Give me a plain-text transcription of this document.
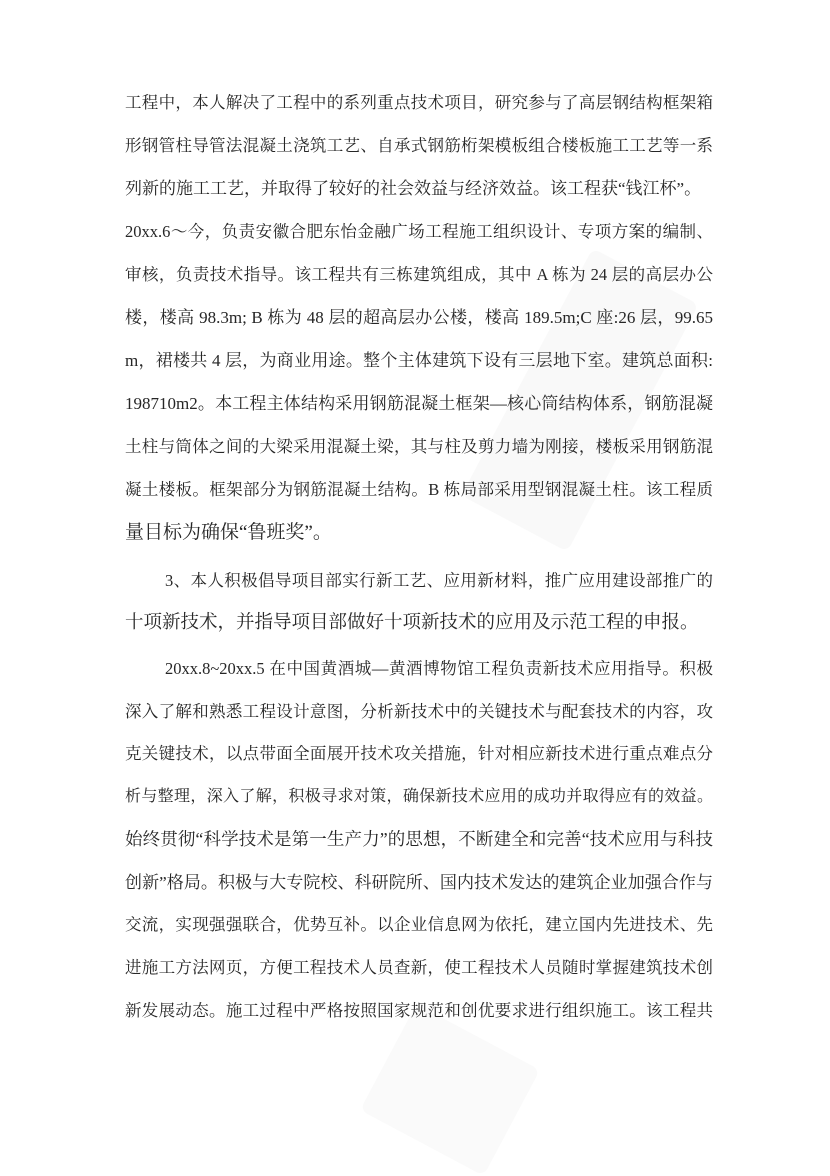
工程中，本人解决了工程中的系列重点技术项目，研究参与了高层钢结构框架箱
形钢管柱导管法混凝土浇筑工艺、自承式钢筋桁架模板组合楼板施工工艺等一系
列新的施工工艺，并取得了较好的社会效益与经济效益。该工程获“钱江杯”。
20xx.6～今，负责安徽合肥东怡金融广场工程施工组织设计、专项方案的编制、
审核，负责技术指导。该工程共有三栋建筑组成，其中 A 栋为 24 层的高层办公
楼，楼高 98.3m; B 栋为 48 层的超高层办公楼，楼高 189.5m;C 座:26 层，99.65
m，裙楼共 4 层，为商业用途。整个主体建筑下设有三层地下室。建筑总面积:
198710m2。本工程主体结构采用钢筋混凝土框架—核心筒结构体系，钢筋混凝
土柱与筒体之间的大梁采用混凝土梁，其与柱及剪力墙为刚接，楼板采用钢筋混
凝土楼板。框架部分为钢筋混凝土结构。B 栋局部采用型钢混凝土柱。该工程质
量目标为确保“鲁班奖”。
3、本人积极倡导项目部实行新工艺、应用新材料，推广应用建设部推广的
十项新技术，并指导项目部做好十项新技术的应用及示范工程的申报。
20xx.8~20xx.5 在中国黄酒城—黄酒博物馆工程负责新技术应用指导。积极
深入了解和熟悉工程设计意图，分析新技术中的关键技术与配套技术的内容，攻
克关键技术，以点带面全面展开技术攻关措施，针对相应新技术进行重点难点分
析与整理，深入了解，积极寻求对策，确保新技术应用的成功并取得应有的效益。
始终贯彻“科学技术是第一生产力”的思想，不断建全和完善“技术应用与科技
创新”格局。积极与大专院校、科研院所、国内技术发达的建筑企业加强合作与
交流，实现强强联合，优势互补。以企业信息网为依托，建立国内先进技术、先
进施工方法网页，方便工程技术人员查新，使工程技术人员随时掌握建筑技术创
新发展动态。施工过程中严格按照国家规范和创优要求进行组织施工。该工程共
